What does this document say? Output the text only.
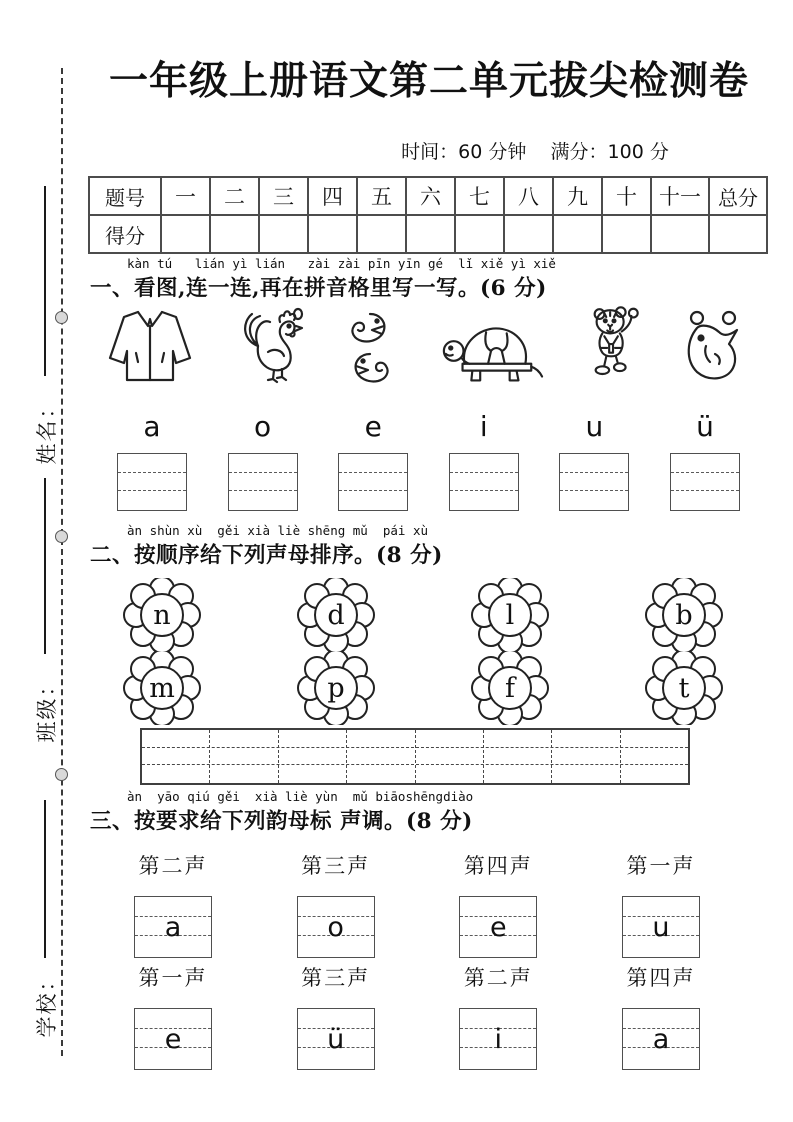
姓名：
班级：
学校：
一年级上册语文第二单元拔尖检测卷
时间：60 分钟    满分：100 分
题号	一	二	三	四	五	六	七	八	九	十	十一	总分
得分												
kàn tú   lián yì lián   zài zài pīn yīn gé  lǐ xiě yì xiě
一、看图,连一连,再在拼音格里写一写。(6 分)
a	o	e	i	u	ü
àn shùn xù  gěi xià liè shēng mǔ  pái xù
二、按顺序给下列声母排序。(8 分)
n	d	l	b
m	p	f	t
àn  yāo qiú gěi  xià liè yùn  mǔ biāoshēngdiào
三、按要求给下列韵母标 声调。(8 分)
第二声
a
第三声
o
第四声
e
第一声
u
第一声
e
第三声
ü
第二声
i
第四声
a
